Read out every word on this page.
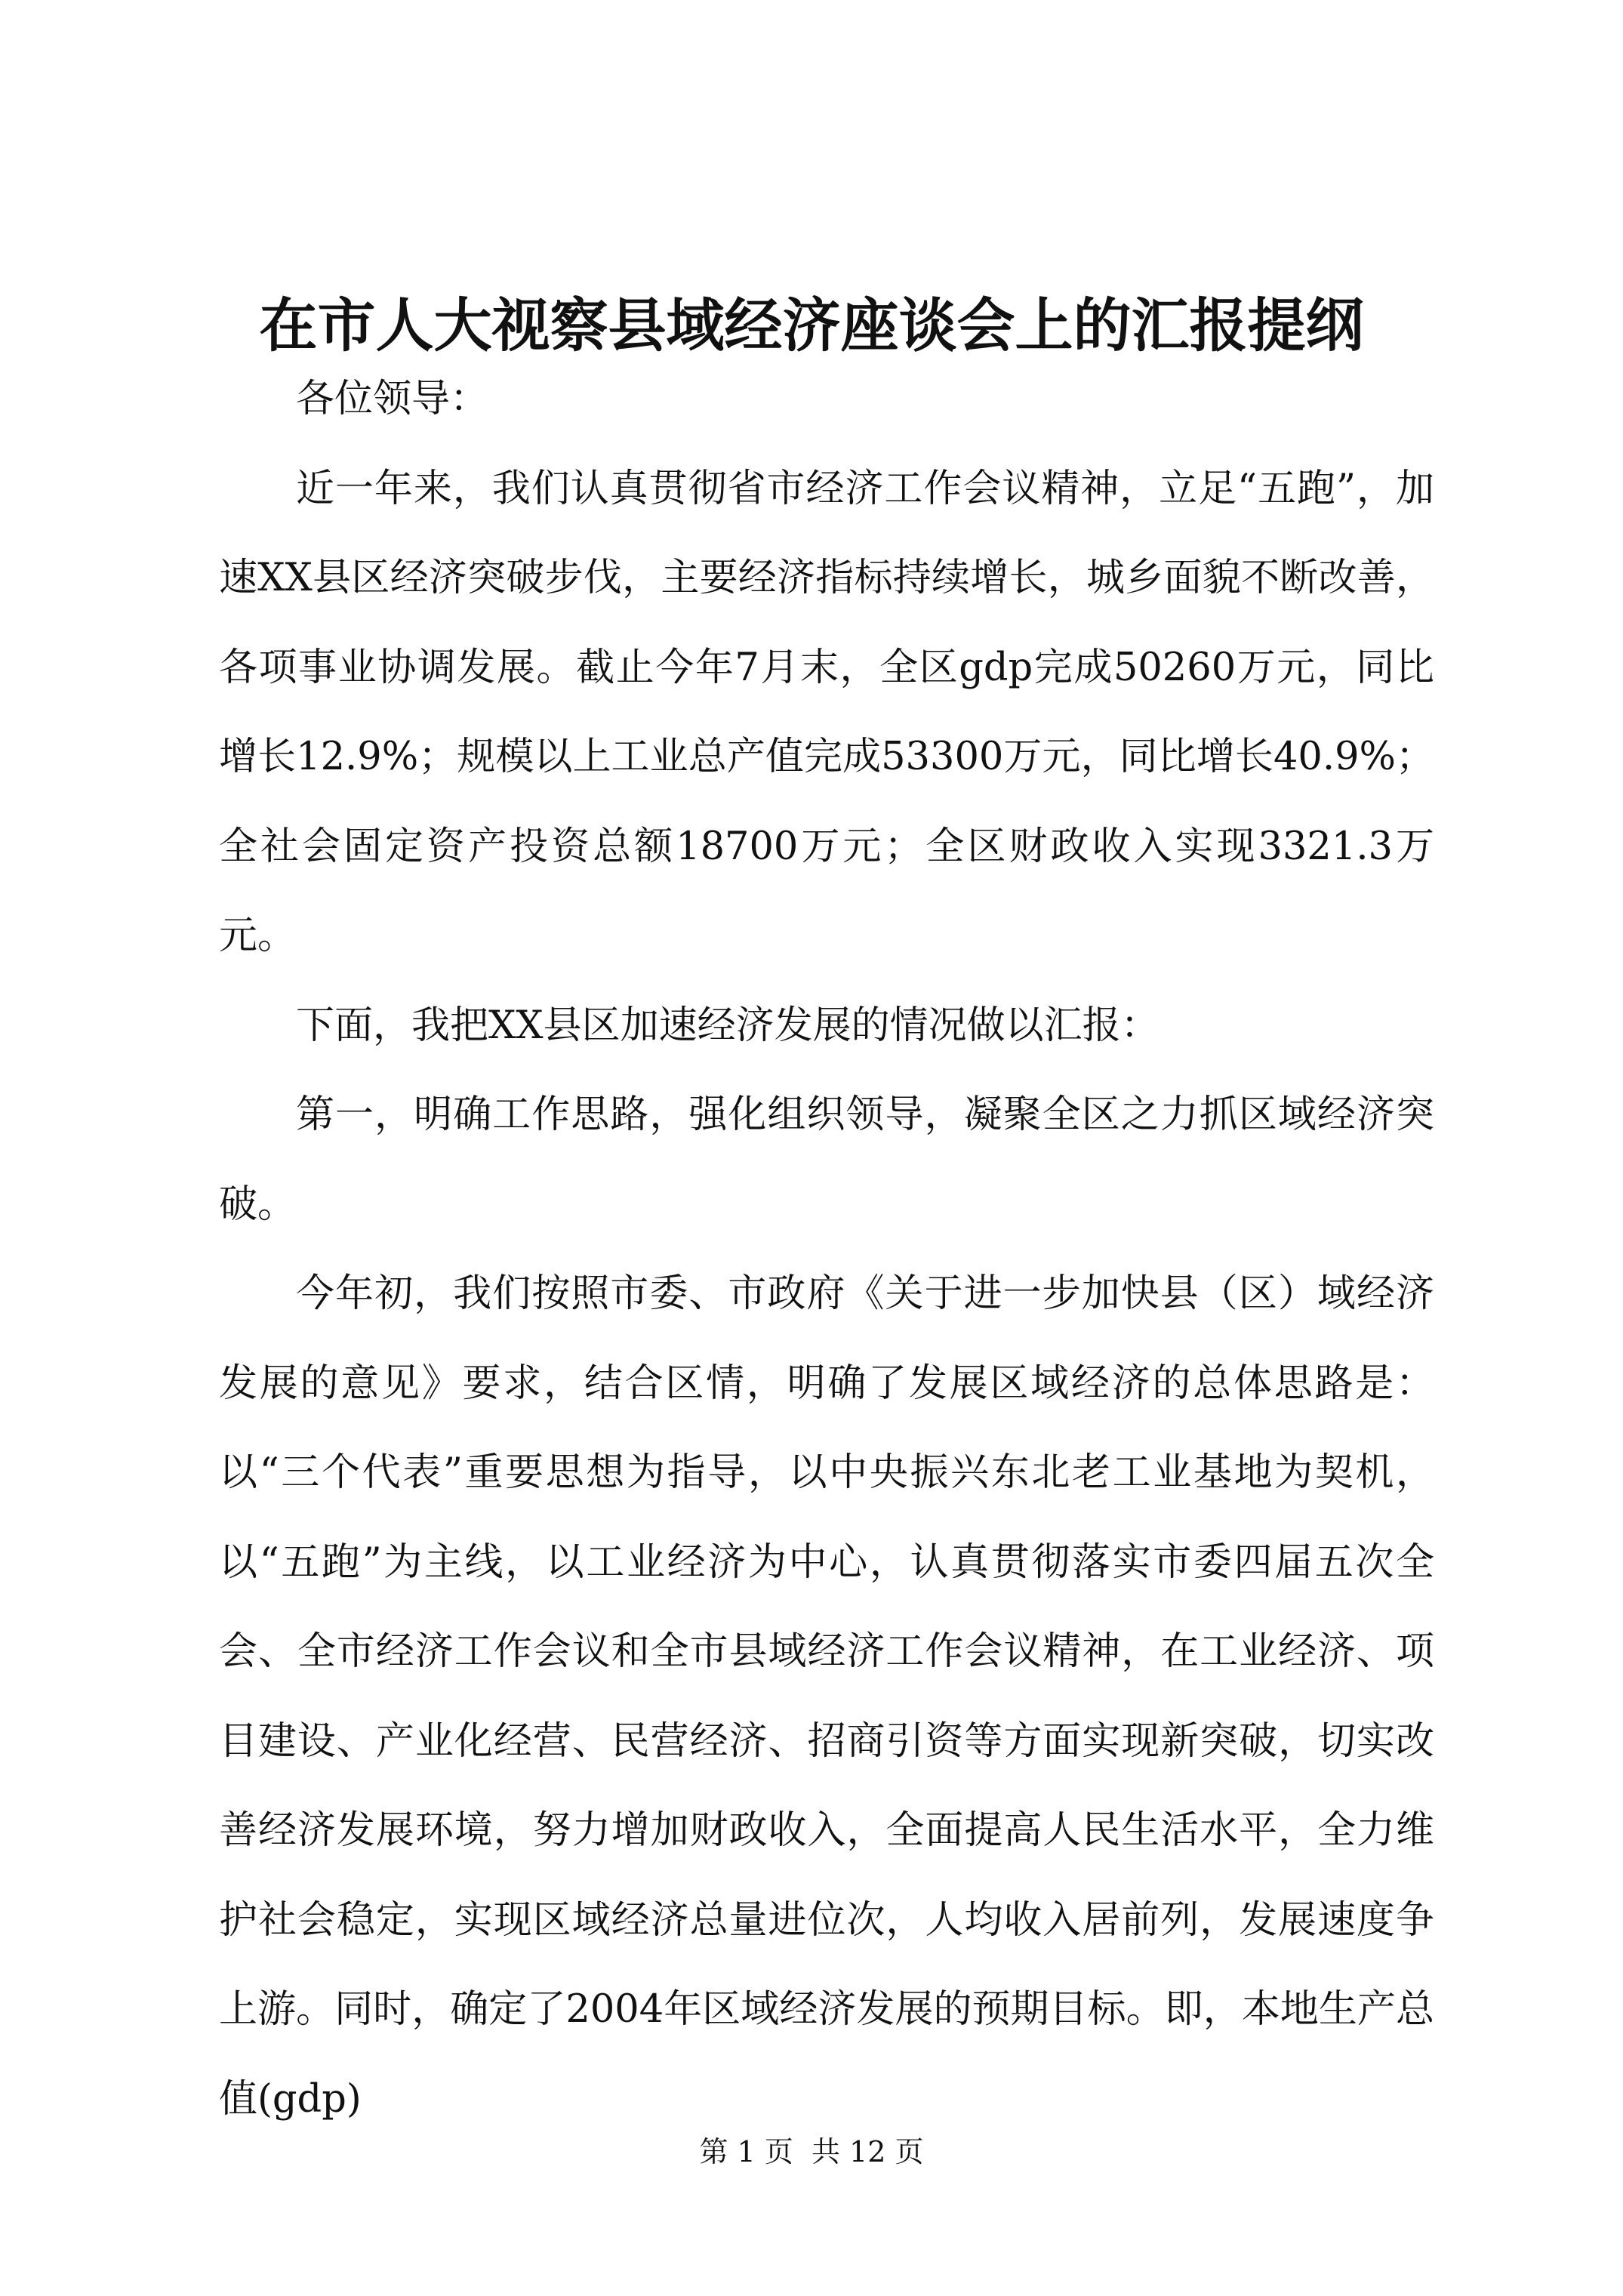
在市人大视察县域经济座谈会上的汇报提纲

各位领导：

近一年来，我们认真贯彻省市经济工作会议精神，立足“五跑”，加速XX县区经济突破步伐，主要经济指标持续增长，城乡面貌不断改善，各项事业协调发展。截止今年7月末，全区gdp完成50260万元，同比增长12.9%；规模以上工业总产值完成53300万元，同比增长40.9%；全社会固定资产投资总额18700万元；全区财政收入实现3321.3万元。

下面，我把XX县区加速经济发展的情况做以汇报：

第一，明确工作思路，强化组织领导，凝聚全区之力抓区域经济突破。

今年初，我们按照市委、市政府《关于进一步加快县（区）域经济发展的意见》要求，结合区情，明确了发展区域经济的总体思路是：以“三个代表”重要思想为指导，以中央振兴东北老工业基地为契机，以“五跑”为主线，以工业经济为中心，认真贯彻落实市委四届五次全会、全市经济工作会议和全市县域经济工作会议精神，在工业经济、项目建设、产业化经营、民营经济、招商引资等方面实现新突破，切实改善经济发展环境，努力增加财政收入，全面提高人民生活水平，全力维护社会稳定，实现区域经济总量进位次，人均收入居前列，发展速度争上游。同时，确定了2004年区域经济发展的预期目标。即，本地生产总值(gdp)

第 1 页  共 12 页
